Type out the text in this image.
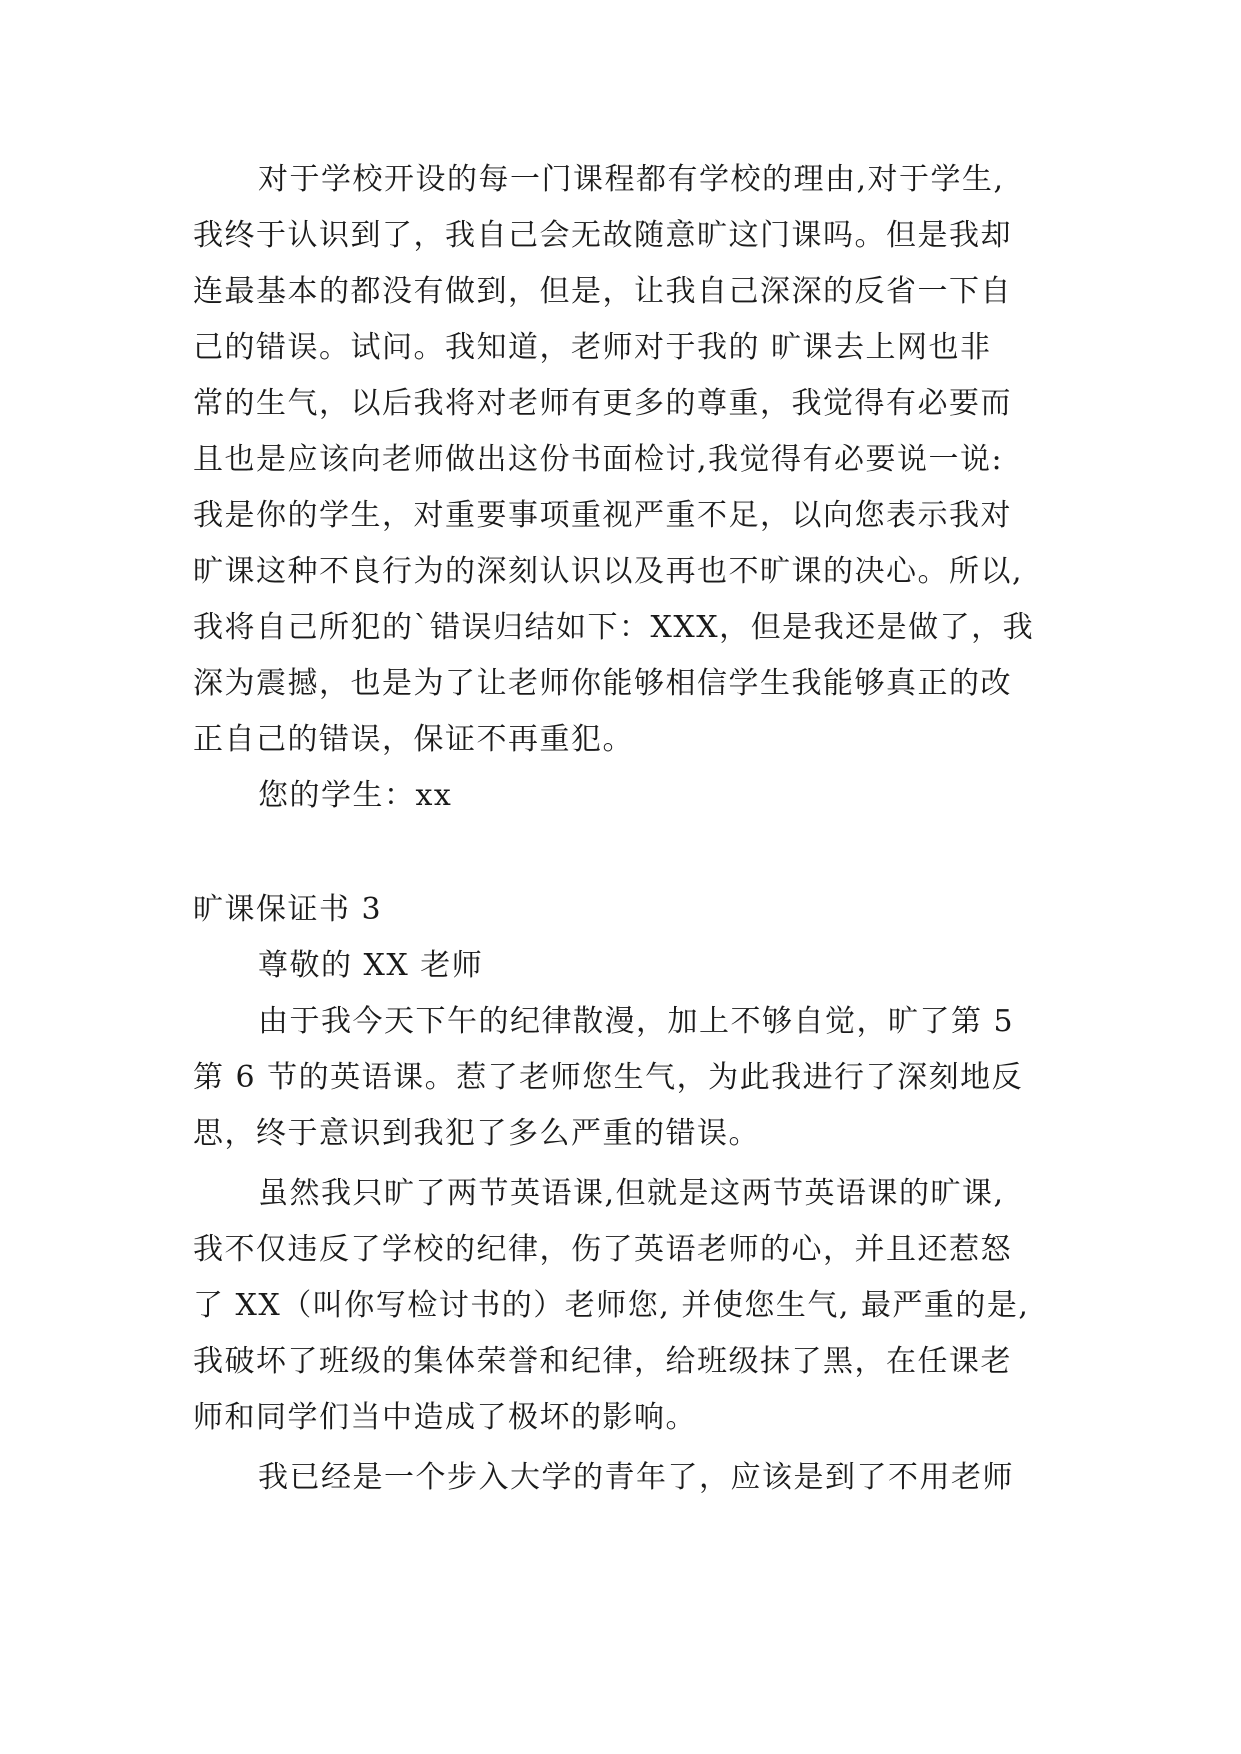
对于学校开设的每一门课程都有学校的理由,对于学生,

我终于认识到了，我自己会无故随意旷这门课吗。但是我却

连最基本的都没有做到，但是，让我自己深深的反省一下自

己的错误。试问。我知道，老师对于我的 旷课去上网也非

常的生气，以后我将对老师有更多的尊重，我觉得有必要而

且也是应该向老师做出这份书面检讨,我觉得有必要说一说:

我是你的学生，对重要事项重视严重不足，以向您表示我对

旷课这种不良行为的深刻认识以及再也不旷课的决心。所以,

我将自己所犯的`错误归结如下：XXX，但是我还是做了，我

深为震撼，也是为了让老师你能够相信学生我能够真正的改

正自己的错误，保证不再重犯。

您的学生：xx

旷课保证书 3

尊敬的 XX 老师

由于我今天下午的纪律散漫，加上不够自觉，旷了第 5

第 6 节的英语课。惹了老师您生气，为此我进行了深刻地反

思，终于意识到我犯了多么严重的错误。

虽然我只旷了两节英语课,但就是这两节英语课的旷课,

我不仅违反了学校的纪律，伤了英语老师的心，并且还惹怒

了 XX（叫你写检讨书的）老师您, 并使您生气, 最严重的是,

我破坏了班级的集体荣誉和纪律，给班级抹了黑，在任课老

师和同学们当中造成了极坏的影响。

我已经是一个步入大学的青年了，应该是到了不用老师
